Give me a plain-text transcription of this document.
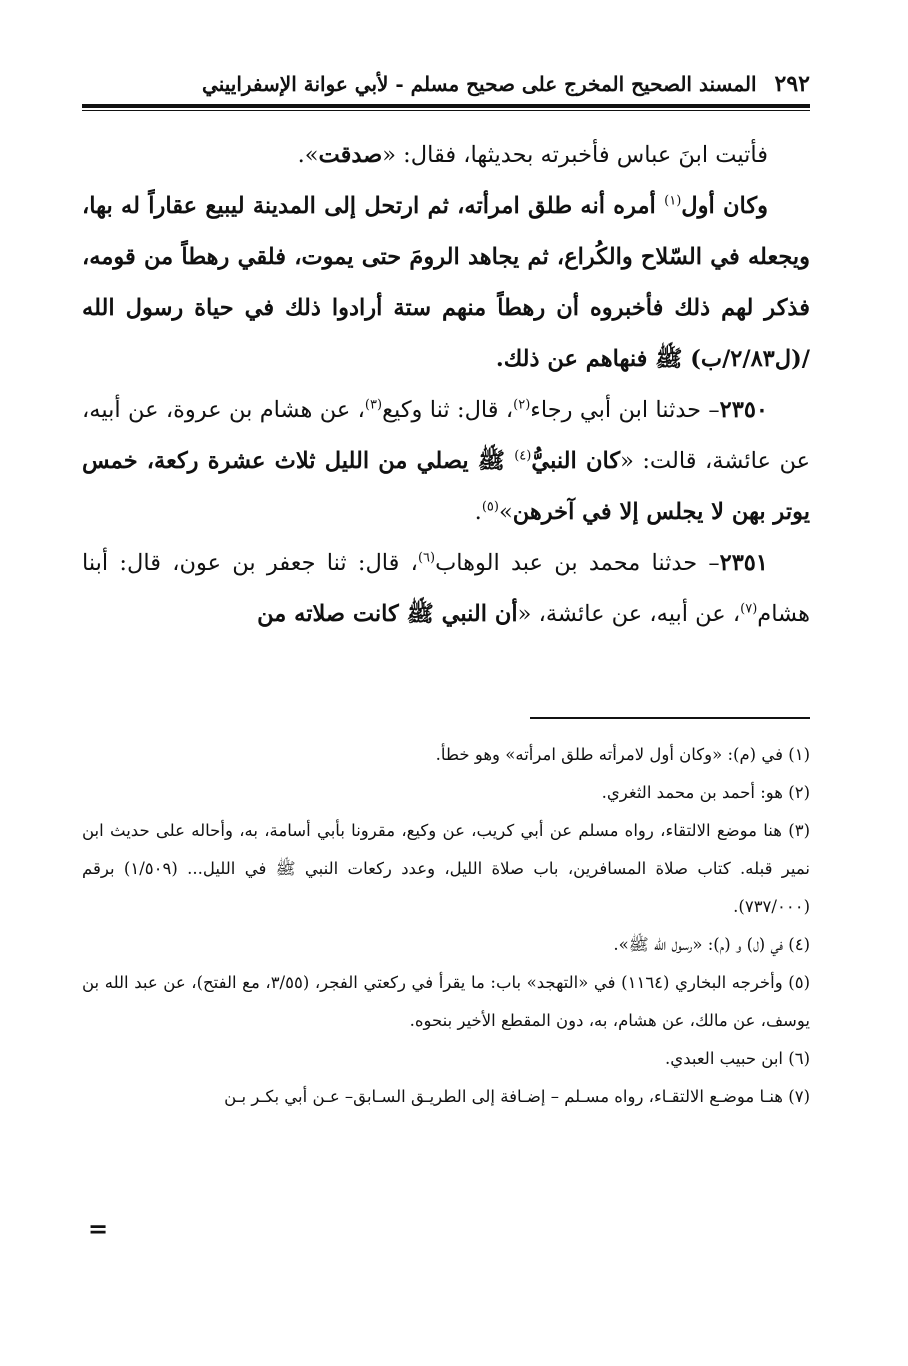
٢٩٢
المسند الصحيح المخرج على صحيح مسلم - لأبي عوانة الإسفراييني

فأتيت ابنَ عباس فأخبرته بحديثها، فقال: «صدقت».

وكان أول$^{(١)}$ أمره أنه طلق امرأته، ثم ارتحل إلى المدينة ليبيع عقاراً له بها، ويجعله في السّلاح والكُراع، ثم يجاهد الرومَ حتى يموت، فلقي رهطاً من قومه، فذكر لهم ذلك فأخبروه أن رهطاً منهم ستة أرادوا ذلك في حياة رسول الله /(ل٢/٨٣/ب) ﷺ فنهاهم عن ذلك.

٢٣٥٠– حدثنا ابن أبي رجاء$^{(٢)}$، قال: ثنا وكيع$^{(٣)}$، عن هشام بن عروة، عن أبيه، عن عائشة، قالت: «كان النبيُّ$^{(٤)}$ ﷺ يصلي من الليل ثلاث عشرة ركعة، خمس يوتر بهن لا يجلس إلا في آخرهن»$^{(٥)}$.

٢٣٥١– حدثنا محمد بن عبد الوهاب$^{(٦)}$، قال: ثنا جعفر بن عون، قال: أبنا هشام$^{(٧)}$، عن أبيه، عن عائشة، «أن النبي ﷺ كانت صلاته من

(١) في (م): «وكان أول لامرأته طلق امرأته» وهو خطأ.

(٢) هو: أحمد بن محمد الثغري.

(٣) هنا موضع الالتقاء، رواه مسلم عن أبي كريب، عن وكيع، مقرونا بأبي أسامة، به، وأحاله على حديث ابن نمير قبله. كتاب صلاة المسافرين، باب صلاة الليل، وعدد ركعات النبي ﷺ في الليل... (١/٥٠٩) برقم (٧٣٧/٠٠٠).

(٤) في (ل) و (م): «رسول الله ﷺ».

(٥) وأخرجه البخاري (١١٦٤) في «التهجد» باب: ما يقرأ في ركعتي الفجر، (٣/٥٥، مع الفتح)، عن عبد الله بن يوسف، عن مالك، عن هشام، به، دون المقطع الأخير بنحوه.

(٦) ابن حبيب العبدي.

(٧) هنـا موضـع الالتقـاء، رواه مسـلم – إضـافة إلى الطريـق السـابق– عـن أبي بكـر بـن

=
